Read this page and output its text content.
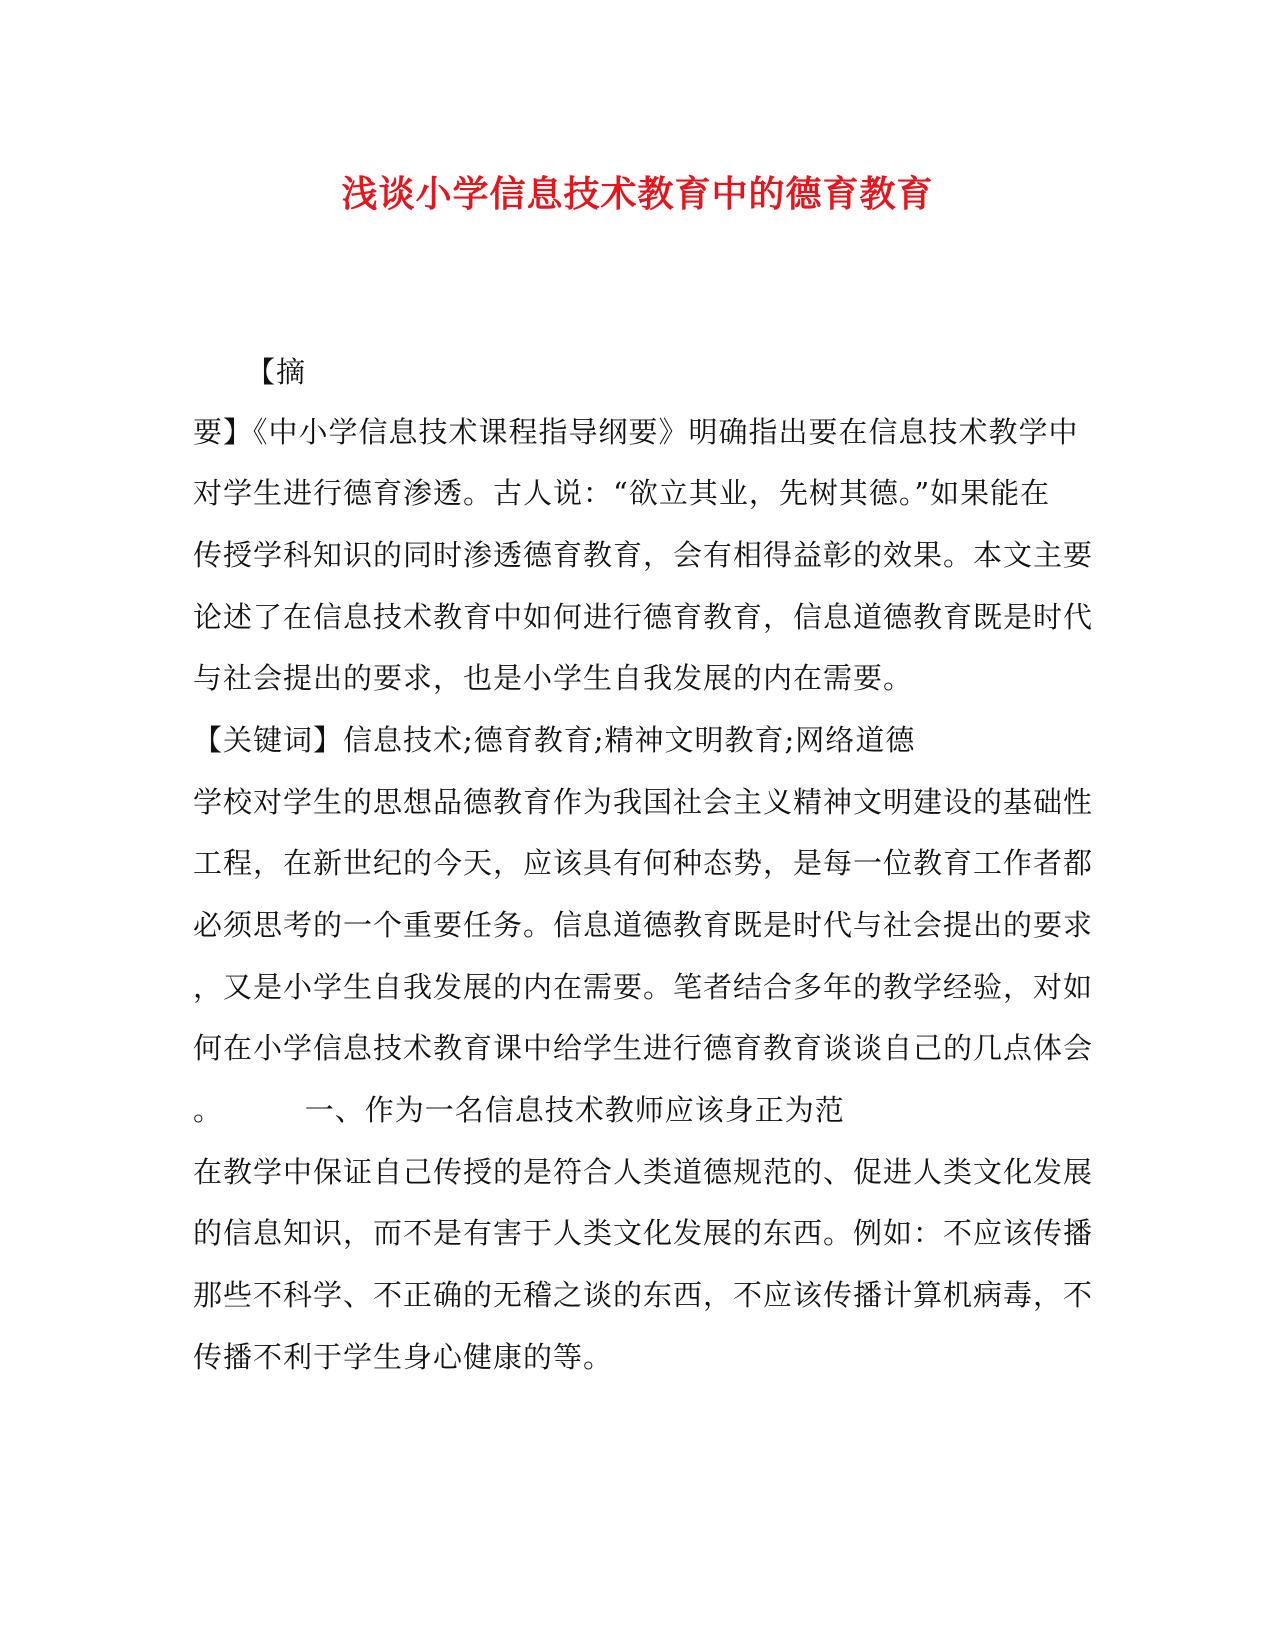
浅谈小学信息技术教育中的德育教育
【摘
要】《中小学信息技术课程指导纲要》明确指出要在信息技术教学中
对学生进行德育渗透。古人说：“欲立其业，先树其德。”如果能在
传授学科知识的同时渗透德育教育，会有相得益彰的效果。本文主要
论述了在信息技术教育中如何进行德育教育，信息道德教育既是时代
与社会提出的要求，也是小学生自我发展的内在需要。
【关键词】信息技术;德育教育;精神文明教育;网络道德
学校对学生的思想品德教育作为我国社会主义精神文明建设的基础性
工程，在新世纪的今天，应该具有何种态势，是每一位教育工作者都
必须思考的一个重要任务。信息道德教育既是时代与社会提出的要求
，又是小学生自我发展的内在需要。笔者结合多年的教学经验，对如
何在小学信息技术教育课中给学生进行德育教育谈谈自己的几点体会
。        一、作为一名信息技术教师应该身正为范
在教学中保证自己传授的是符合人类道德规范的、促进人类文化发展
的信息知识，而不是有害于人类文化发展的东西。例如：不应该传播
那些不科学、不正确的无稽之谈的东西，不应该传播计算机病毒，不
传播不利于学生身心健康的等。
